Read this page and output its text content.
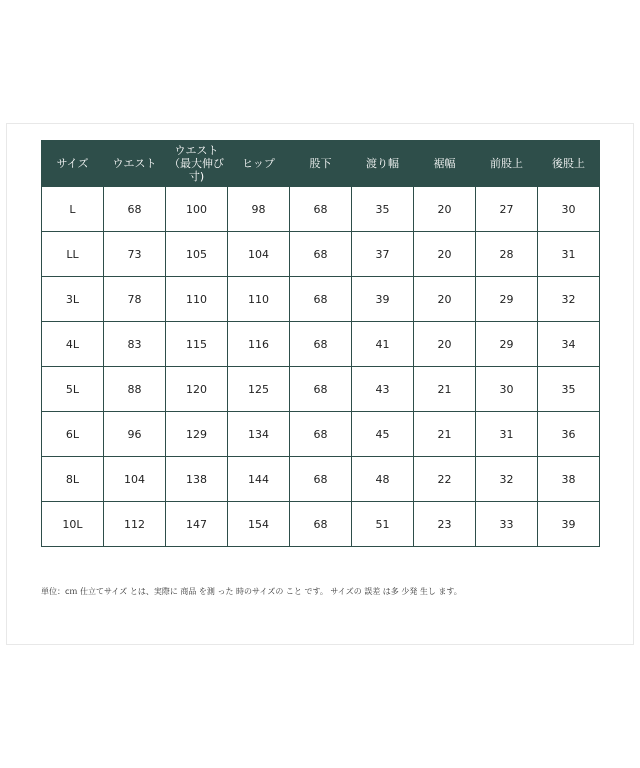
サイズ	ウエスト	ウエスト（最大伸び寸)	ヒップ	股下	渡り幅	裾幅	前股上	後股上
L	68	100	98	68	35	20	27	30
LL	73	105	104	68	37	20	28	31
3L	78	110	110	68	39	20	29	32
4L	83	115	116	68	41	20	29	34
5L	88	120	125	68	43	21	30	35
6L	96	129	134	68	45	21	31	36
8L	104	138	144	68	48	22	32	38
10L	112	147	154	68	51	23	33	39
単位：cｍ 仕立てサイズ とは、実際に 商品 を測 った 時のサイズの こと です。 サイズの 誤差 は多 少発 生し ます。
